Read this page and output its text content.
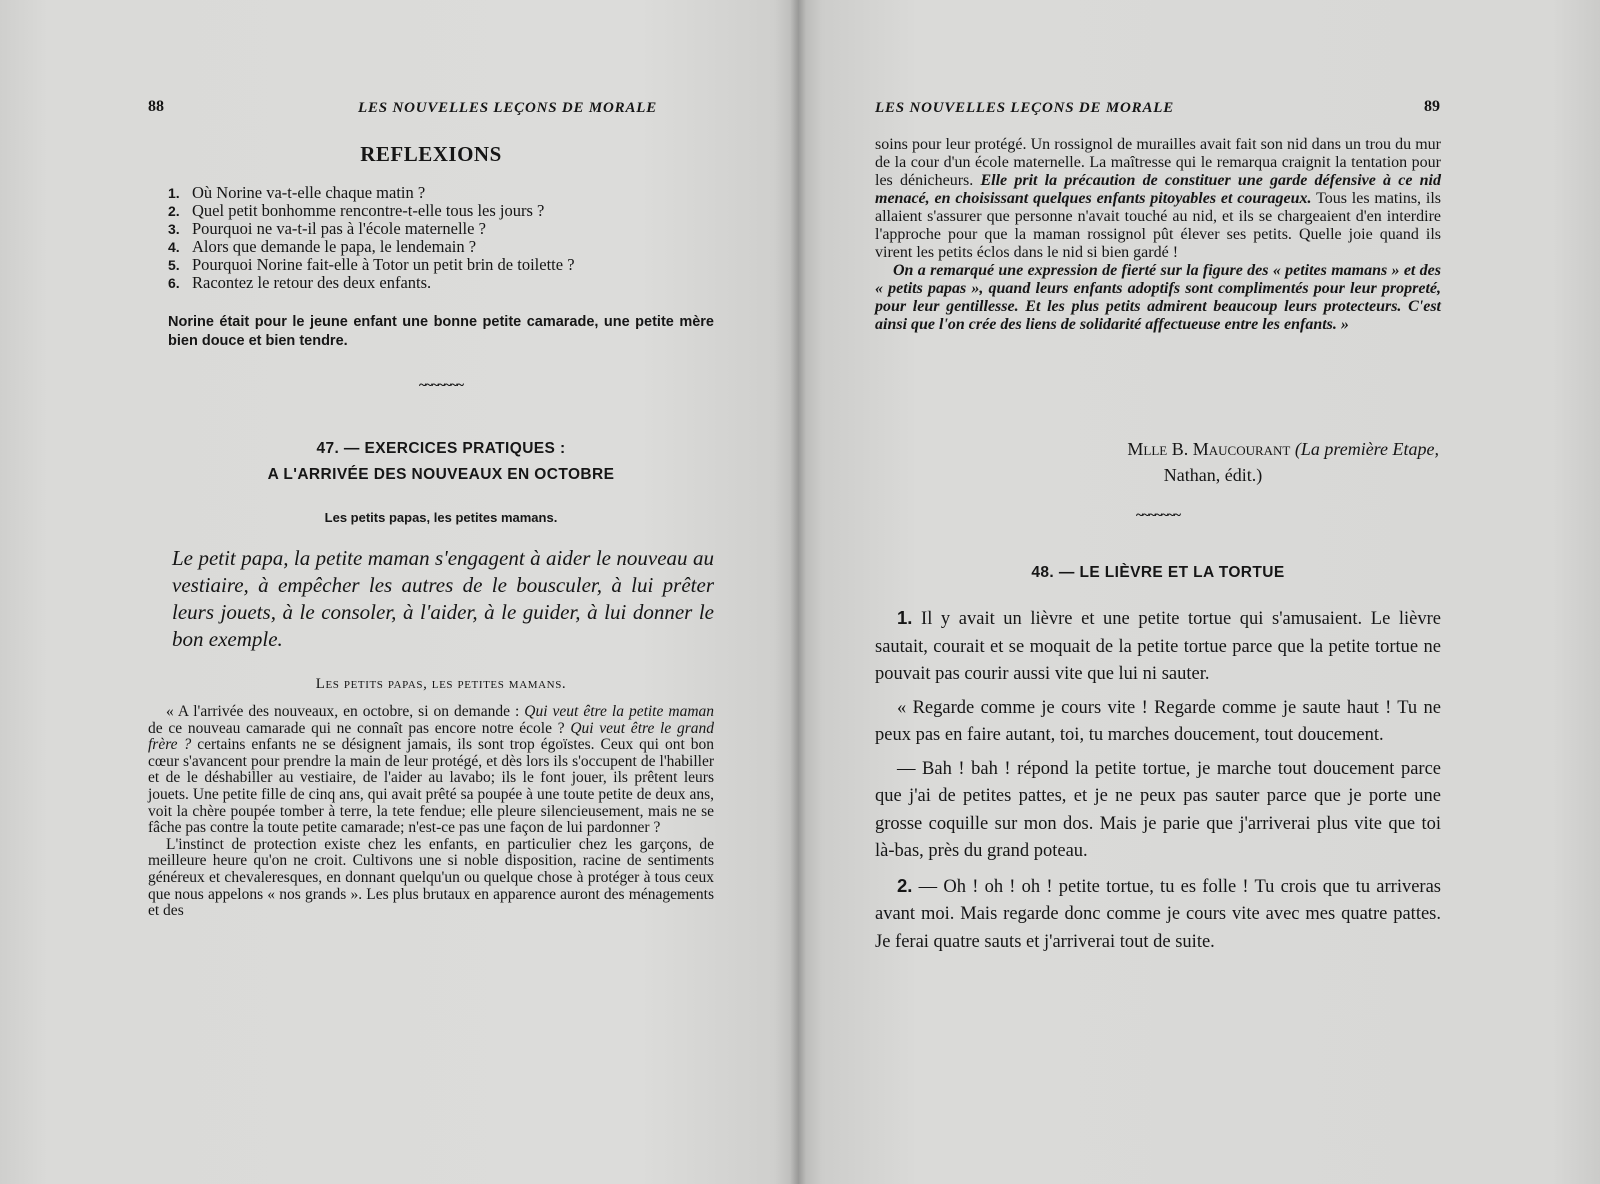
88	LES NOUVELLES LEÇONS DE MORALE
REFLEXIONS
1. Où Norine va-t-elle chaque matin ?
2. Quel petit bonhomme rencontre-t-elle tous les jours ?
3. Pourquoi ne va-t-il pas à l'école maternelle ?
4. Alors que demande le papa, le lendemain ?
5. Pourquoi Norine fait-elle à Totor un petit brin de toilette ?
6. Racontez le retour des deux enfants.
Norine était pour le jeune enfant une bonne petite camarade, une petite mère bien douce et bien tendre.
~~~~~~~
47. — EXERCICES PRATIQUES :
A L'ARRIVÉE DES NOUVEAUX EN OCTOBRE
Les petits papas, les petites mamans.
Le petit papa, la petite maman s'engagent à aider le nouveau au vestiaire, à empêcher les autres de le bousculer, à lui prêter leurs jouets, à le consoler, à l'aider, à le guider, à lui donner le bon exemple.
Les petits papas, les petites mamans.

« A l'arrivée des nouveaux, en octobre, si on demande : Qui veut être la petite maman de ce nouveau camarade qui ne connaît pas encore notre école ? Qui veut être le grand frère ? certains enfants ne se désignent jamais, ils sont trop égoïstes. Ceux qui ont bon cœur s'avancent pour prendre la main de leur protégé, et dès lors ils s'occupent de l'habiller et de le déshabiller au vestiaire, de l'aider au lavabo; ils le font jouer, ils prêtent leurs jouets. Une petite fille de cinq ans, qui avait prêté sa poupée à une toute petite de deux ans, voit la chère poupée tomber à terre, la tete fendue; elle pleure silencieusement, mais ne se fâche pas contre la toute petite camarade; n'est-ce pas une façon de lui pardonner ?

L'instinct de protection existe chez les enfants, en particulier chez les garçons, de meilleure heure qu'on ne croit. Cultivons une si noble disposition, racine de sentiments généreux et chevaleresques, en donnant quelqu'un ou quelque chose à protéger à tous ceux que nous appelons « nos grands ». Les plus brutaux en apparence auront des ménagements et des

LES NOUVELLES LEÇONS DE MORALE	89

soins pour leur protégé. Un rossignol de murailles avait fait son nid dans un trou du mur de la cour d'un école maternelle. La maîtresse qui le remarqua craignit la tentation pour les dénicheurs. Elle prit la précaution de constituer une garde défensive à ce nid menacé, en choisissant quelques enfants pitoyables et courageux. Tous les matins, ils allaient s'assurer que personne n'avait touché au nid, et ils se chargeaient d'en interdire l'approche pour que la maman rossignol pût élever ses petits. Quelle joie quand ils virent les petits éclos dans le nid si bien gardé !

On a remarqué une expression de fierté sur la figure des « petites mamans » et des « petits papas », quand leurs enfants adoptifs sont complimentés pour leur propreté, pour leur gentillesse. Et les plus petits admirent beaucoup leurs protecteurs. C'est ainsi que l'on crée des liens de solidarité affectueuse entre les enfants. »

Mlle B. Maucourant (La première Etape,
Nathan, édit.)
~~~~~~~
48. — LE LIÈVRE ET LA TORTUE

1. Il y avait un lièvre et une petite tortue qui s'amusaient. Le lièvre sautait, courait et se moquait de la petite tortue parce que la petite tortue ne pouvait pas courir aussi vite que lui ni sauter.

« Regarde comme je cours vite ! Regarde comme je saute haut ! Tu ne peux pas en faire autant, toi, tu marches doucement, tout doucement.

— Bah ! bah ! répond la petite tortue, je marche tout doucement parce que j'ai de petites pattes, et je ne peux pas sauter parce que je porte une grosse coquille sur mon dos. Mais je parie que j'arriverai plus vite que toi là-bas, près du grand poteau.

2. — Oh ! oh ! oh ! petite tortue, tu es folle ! Tu crois que tu arriveras avant moi. Mais regarde donc comme je cours vite avec mes quatre pattes. Je ferai quatre sauts et j'arriverai tout de suite.
